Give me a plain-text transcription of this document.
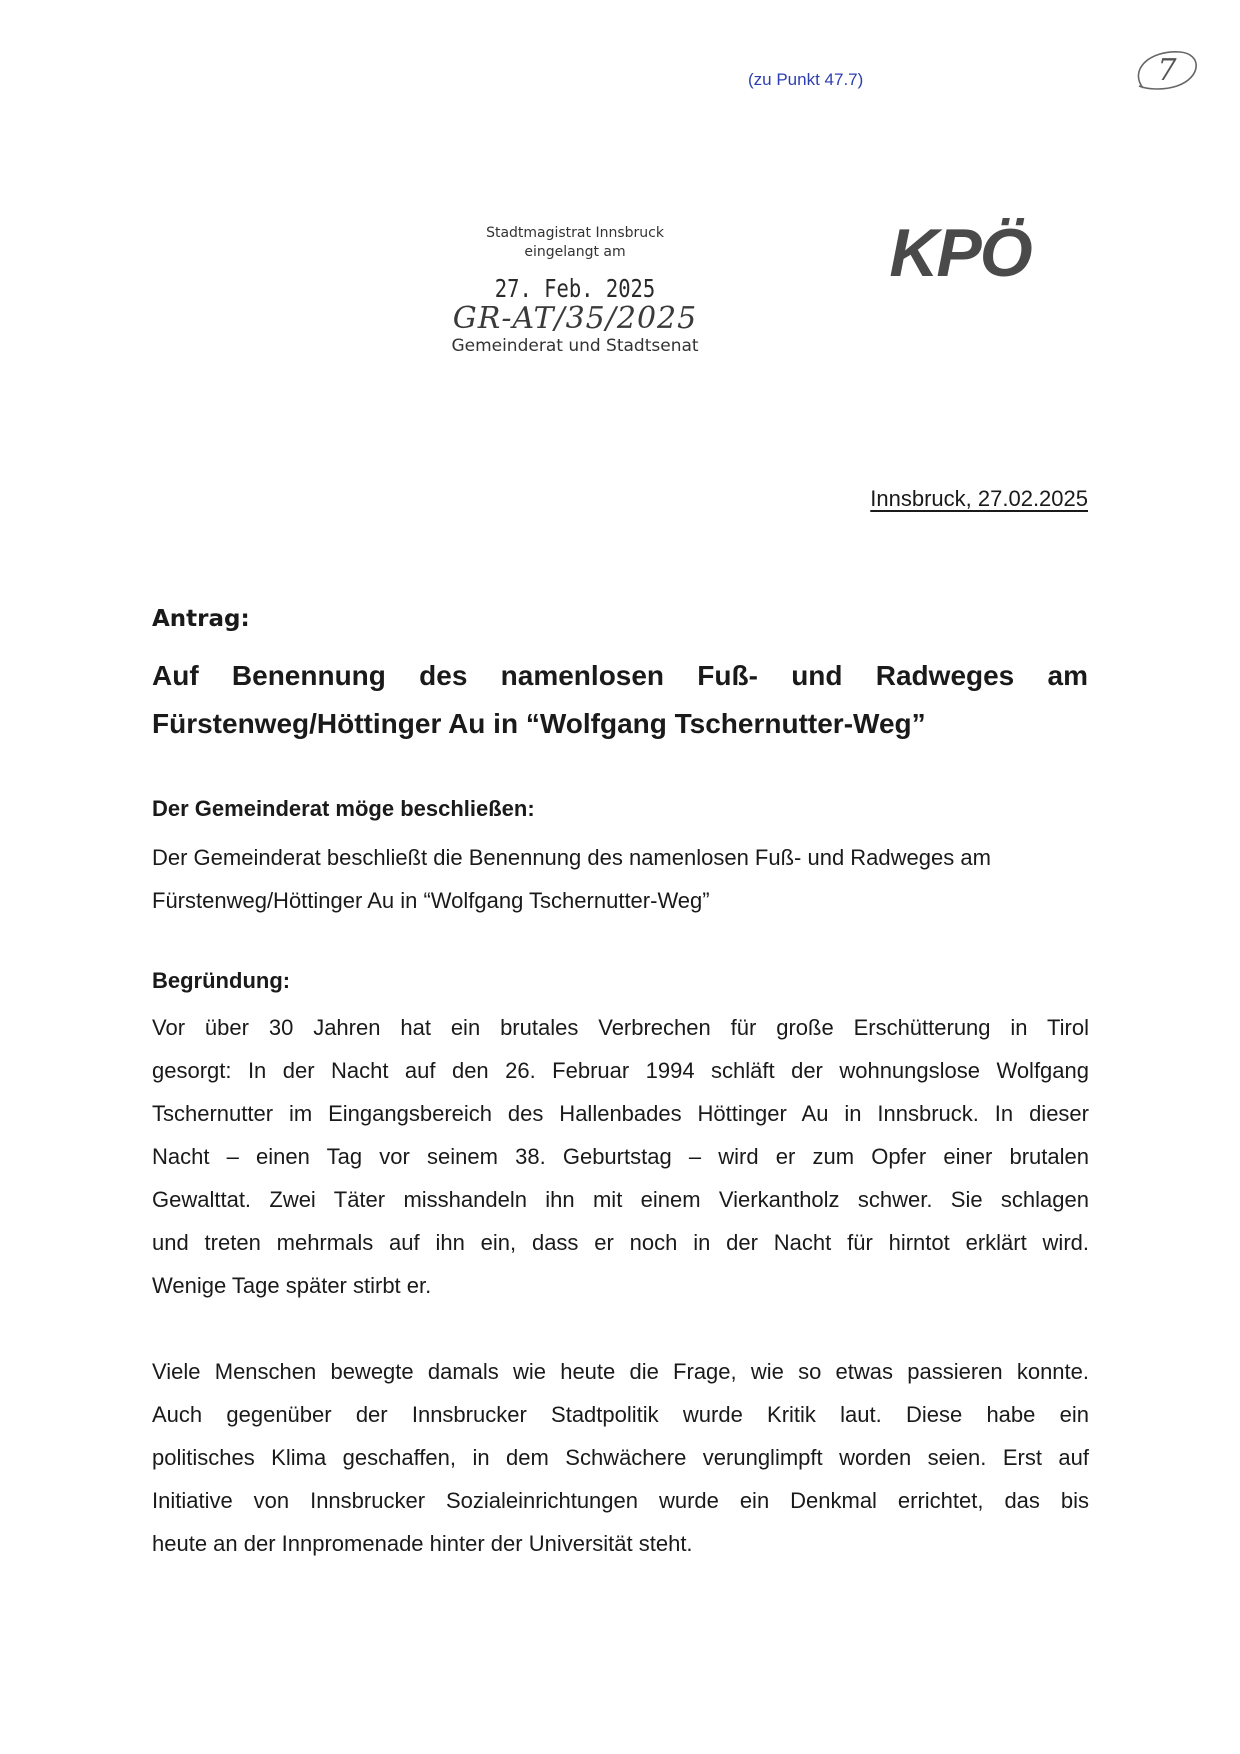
(zu Punkt 47.7)	7
Stadtmagistrat Innsbruck
eingelangt am
27. Feb. 2025
GR-AT/35/2025
Gemeinderat und Stadtsenat
KPÖ
Innsbruck, 27.02.2025
Antrag:
Auf Benennung des namenlosen Fuß- und Radweges am
Fürstenweg/Höttinger Au in “Wolfgang Tschernutter-Weg”
Der Gemeinderat möge beschließen:
Der Gemeinderat beschließt die Benennung des namenlosen Fuß- und Radweges am
Fürstenweg/Höttinger Au in “Wolfgang Tschernutter-Weg”
Begründung:
Vor über 30 Jahren hat ein brutales Verbrechen für große Erschütterung in Tirol
gesorgt: In der Nacht auf den 26. Februar 1994 schläft der wohnungslose Wolfgang
Tschernutter im Eingangsbereich des Hallenbades Höttinger Au in Innsbruck. In dieser
Nacht – einen Tag vor seinem 38. Geburtstag – wird er zum Opfer einer brutalen
Gewalttat. Zwei Täter misshandeln ihn mit einem Vierkantholz schwer. Sie schlagen
und treten mehrmals auf ihn ein, dass er noch in der Nacht für hirntot erklärt wird.
Wenige Tage später stirbt er.
Viele Menschen bewegte damals wie heute die Frage, wie so etwas passieren konnte.
Auch gegenüber der Innsbrucker Stadtpolitik wurde Kritik laut. Diese habe ein
politisches Klima geschaffen, in dem Schwächere verunglimpft worden seien. Erst auf
Initiative von Innsbrucker Sozialeinrichtungen wurde ein Denkmal errichtet, das bis
heute an der Innpromenade hinter der Universität steht.
